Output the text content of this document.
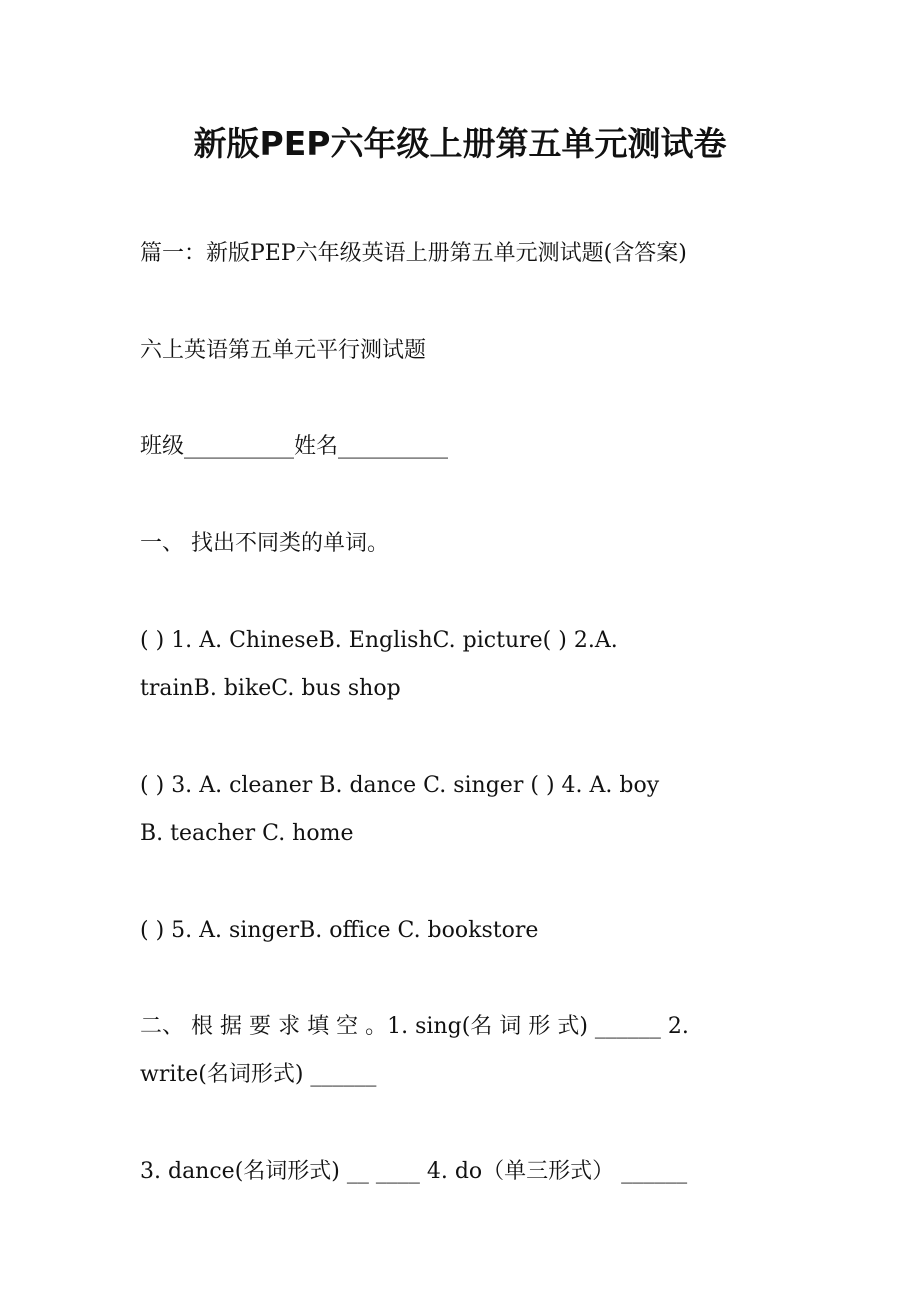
新版PEP六年级上册第五单元测试卷
篇一：新版PEP六年级英语上册第五单元测试题(含答案)
六上英语第五单元平行测试题
班级__________姓名__________
一、 找出不同类的单词。
( ) 1. A. ChineseB. EnglishC. picture( ) 2.A.
trainB. bikeC. bus shop
( ) 3. A. cleaner B. dance C. singer ( ) 4. A. boy
B. teacher C. home
( ) 5. A. singerB. office C. bookstore
二、 根 据 要 求 填 空 。1. sing(名 词 形 式) ______ 2.
write(名词形式) ______
3. dance(名词形式) __ ____ 4. do（单三形式） ______
